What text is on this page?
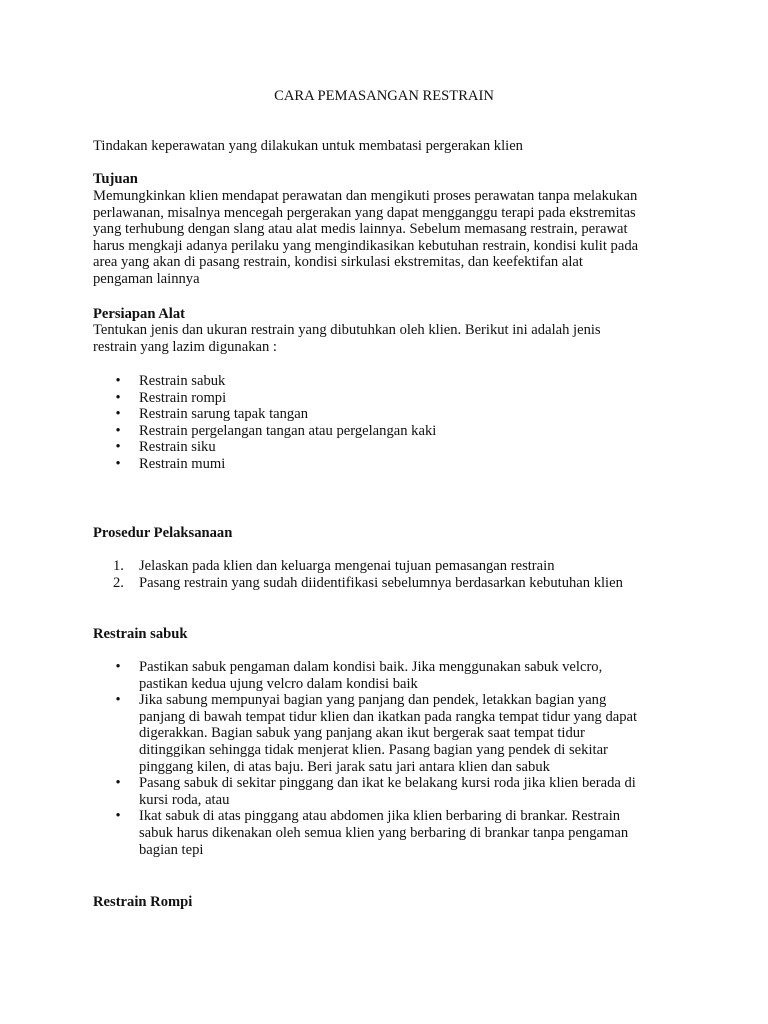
CARA PEMASANGAN RESTRAIN
Tindakan keperawatan yang dilakukan untuk membatasi pergerakan klien
Tujuan
Memungkinkan klien mendapat perawatan dan mengikuti proses perawatan tanpa melakukan
perlawanan, misalnya mencegah pergerakan yang dapat mengganggu terapi pada ekstremitas
yang terhubung dengan slang atau alat medis lainnya. Sebelum memasang restrain, perawat
harus mengkaji adanya perilaku yang mengindikasikan kebutuhan restrain, kondisi kulit pada
area yang akan di pasang restrain, kondisi sirkulasi ekstremitas, dan keefektifan alat
pengaman lainnya
Persiapan Alat
Tentukan jenis dan ukuran restrain yang dibutuhkan oleh klien. Berikut ini adalah jenis
restrain yang lazim digunakan :
• Restrain sabuk
• Restrain rompi
• Restrain sarung tapak tangan
• Restrain pergelangan tangan atau pergelangan kaki
• Restrain siku
• Restrain mumi
Prosedur Pelaksanaan
1. Jelaskan pada klien dan keluarga mengenai tujuan pemasangan restrain
2. Pasang restrain yang sudah diidentifikasi sebelumnya berdasarkan kebutuhan klien
Restrain sabuk
• Pastikan sabuk pengaman dalam kondisi baik. Jika menggunakan sabuk velcro,
pastikan kedua ujung velcro dalam kondisi baik
• Jika sabung mempunyai bagian yang panjang dan pendek, letakkan bagian yang
panjang di bawah tempat tidur klien dan ikatkan pada rangka tempat tidur yang dapat
digerakkan. Bagian sabuk yang panjang akan ikut bergerak saat tempat tidur
ditinggikan sehingga tidak menjerat klien. Pasang bagian yang pendek di sekitar
pinggang kilen, di atas baju. Beri jarak satu jari antara klien dan sabuk
• Pasang sabuk di sekitar pinggang dan ikat ke belakang kursi roda jika klien berada di
kursi roda, atau
• Ikat sabuk di atas pinggang atau abdomen jika klien berbaring di brankar. Restrain
sabuk harus dikenakan oleh semua klien yang berbaring di brankar tanpa pengaman
bagian tepi
Restrain Rompi
